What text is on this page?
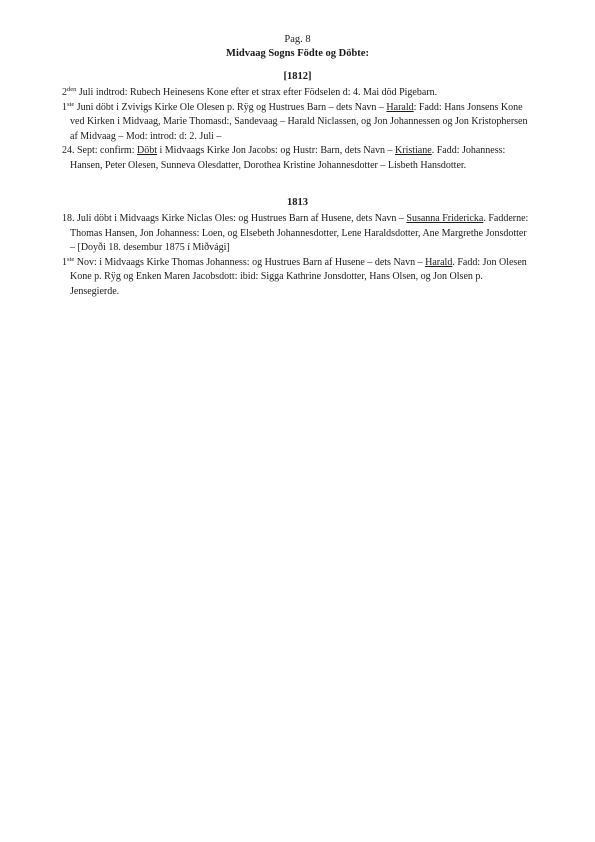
Pag. 8
Midvaag Sogns Födte og Döbte:
[1812]

$2^{den}$ Juli indtrod: Rubech Heinesens Kone efter et strax efter Födselen d: 4. Mai död Pigebarn.

1ste Juni döbt i Zvivigs Kirke Ole Olesen p. Rÿg og Hustrues Barn – dets Navn – Harald: Fadd: Hans Jonsens Kone ved Kirken i Midvaag, Marie Thomasd:, Sandevaag – Harald Niclassen, og Jon Johannessen og Jon Kristophersen af Midvaag – Mod: introd: d: 2. Juli –

24. Sept: confirm: Döbt i Midvaags Kirke Jon Jacobs: og Hustr: Barn, dets Navn – Kristiane. Fadd: Johanness: Hansen, Peter Olesen, Sunneva Olesdatter, Dorothea Kristine Johannesdotter – Lisbeth Hansdotter.

1813

18. Juli döbt i Midvaags Kirke Niclas Oles: og Hustrues Barn af Husene, dets Navn – Susanna Fridericka. Fadderne: Thomas Hansen, Jon Johanness: Loen, og Elsebeth Johannesdotter, Lene Haraldsdotter, Ane Margrethe Jonsdotter – [Doyði 18. desembur 1875 í Miðvági]

1ste Nov: i Midvaags Kirke Thomas Johanness: og Hustrues Barn af Husene – dets Navn – Harald. Fadd: Jon Olesen Kone p. Rÿg og Enken Maren Jacobsdott: ibid: Sigga Kathrine Jonsdotter, Hans Olsen, og Jon Olsen p. Jensegierde.
